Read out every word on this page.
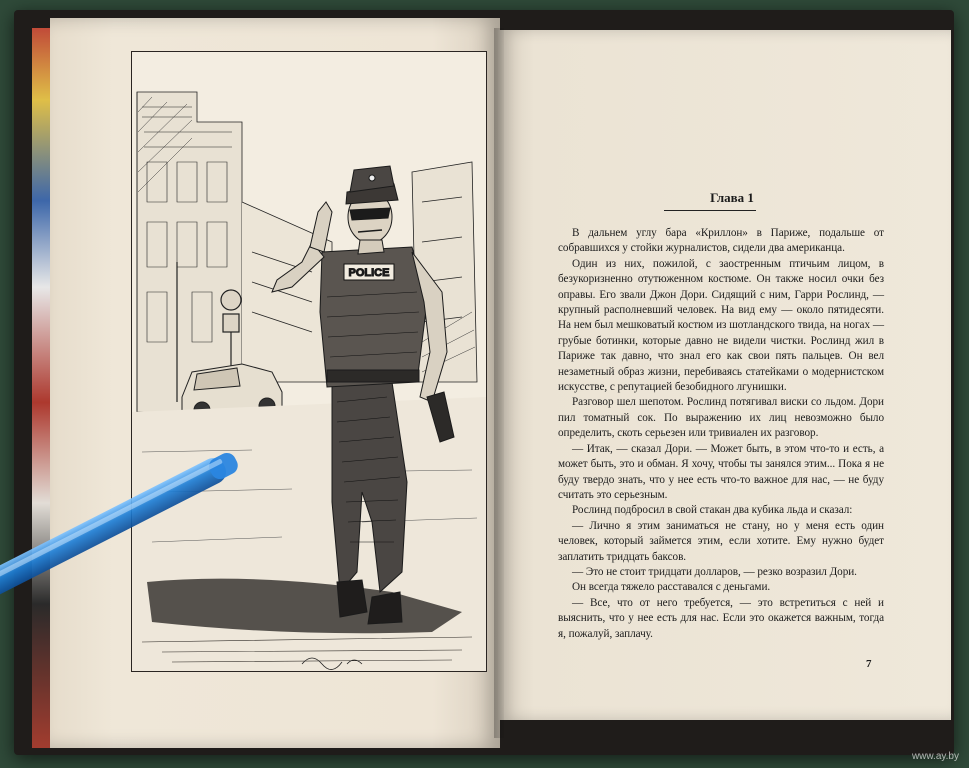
POLICE
Глава 1

В дальнем углу бара «Криллон» в Париже, подальше от собравшихся у стойки журналистов, сидели два американца.

Один из них, пожилой, с заостренным птичьим лицом, в безукоризненно отутюженном костюме. Он также носил очки без оправы. Его звали Джон Дори. Сидящий с ним, Гарри Рослинд, — крупный располневший человек. На вид ему — около пятидесяти. На нем был мешковатый костюм из шотландского твида, на ногах — грубые ботинки, которые давно не видели чистки. Рослинд жил в Париже так давно, что знал его как свои пять пальцев. Он вел незаметный образ жизни, перебиваясь статейками о модернистском искусстве, с репутацией безобидного лгунишки.

Разговор шел шепотом. Рослинд потягивал виски со льдом. Дори пил томатный сок. По выражению их лиц невозможно было определить, скоть серьезен или тривиален их разговор.

— Итак, — сказал Дори. — Может быть, в этом что-то и есть, а может быть, это и обман. Я хочу, чтобы ты занялся этим... Пока я не буду твердо знать, что у нее есть что-то важное для нас, — не буду считать это серьезным.

Рослинд подбросил в свой стакан два кубика льда и сказал:

— Лично я этим заниматься не стану, но у меня есть один человек, который займется этим, если хотите. Ему нужно будет заплатить тридцать баксов.

— Это не стоит тридцати долларов, — резко возразил Дори.

Он всегда тяжело расставался с деньгами.

— Все, что от него требуется, — это встретиться с ней и выяснить, что у нее есть для нас. Если это окажется важным, тогда я, пожалуй, заплачу.

7
www.ay.by
